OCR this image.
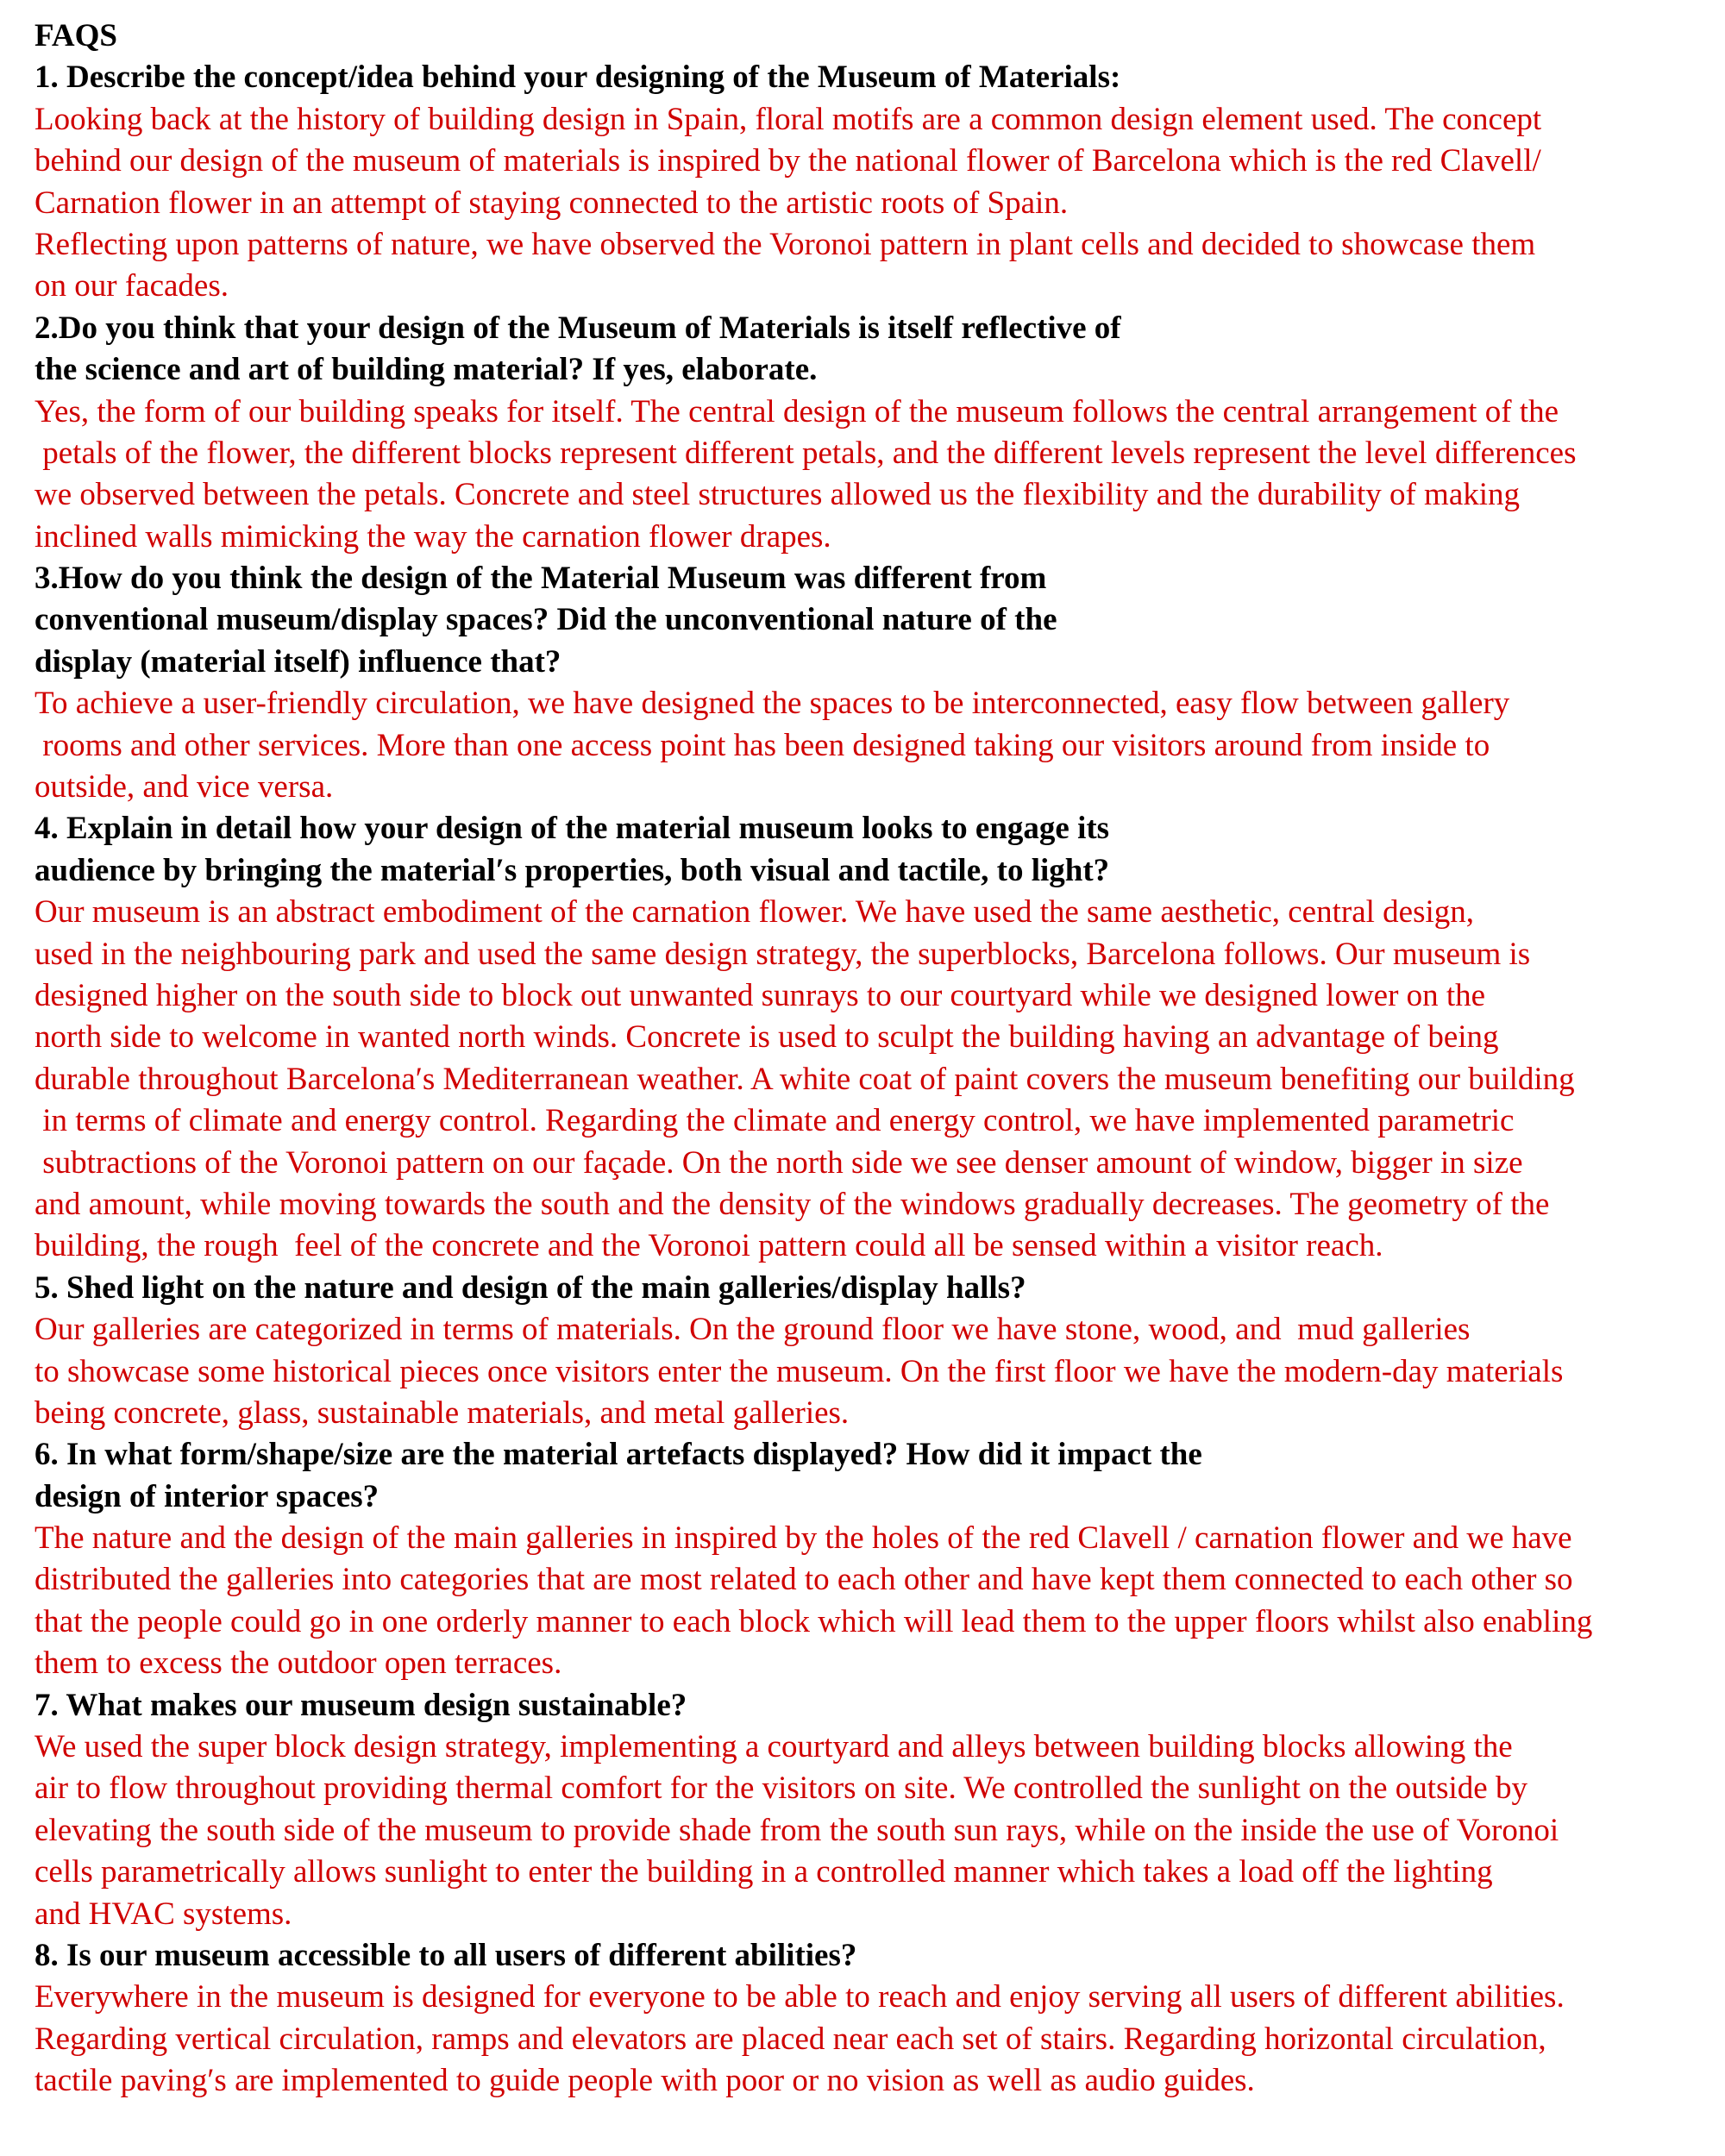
FAQS
1. Describe the concept/idea behind your designing of the Museum of Materials:
Looking back at the history of building design in Spain, floral motifs are a common design element used. The concept
behind our design of the museum of materials is inspired by the national flower of Barcelona which is the red Clavell/
Carnation flower in an attempt of staying connected to the artistic roots of Spain.
Reflecting upon patterns of nature, we have observed the Voronoi pattern in plant cells and decided to showcase them
on our facades.
2.Do you think that your design of the Museum of Materials is itself reflective of
the science and art of building material? If yes, elaborate.
Yes, the form of our building speaks for itself. The central design of the museum follows the central arrangement of the
petals of the flower, the different blocks represent different petals, and the different levels represent the level differences
we observed between the petals. Concrete and steel structures allowed us the flexibility and the durability of making
inclined walls mimicking the way the carnation flower drapes.
3.How do you think the design of the Material Museum was different from
conventional museum/display spaces? Did the unconventional nature of the
display (material itself) influence that?
To achieve a user-friendly circulation, we have designed the spaces to be interconnected, easy flow between gallery
rooms and other services. More than one access point has been designed taking our visitors around from inside to
outside, and vice versa.
4. Explain in detail how your design of the material museum looks to engage its
audience by bringing the material′s properties, both visual and tactile, to light?
Our museum is an abstract embodiment of the carnation flower. We have used the same aesthetic, central design,
used in the neighbouring park and used the same design strategy, the superblocks, Barcelona follows. Our museum is
designed higher on the south side to block out unwanted sunrays to our courtyard while we designed lower on the
north side to welcome in wanted north winds. Concrete is used to sculpt the building having an advantage of being
durable throughout Barcelona′s Mediterranean weather. A white coat of paint covers the museum benefiting our building
in terms of climate and energy control. Regarding the climate and energy control, we have implemented parametric
subtractions of the Voronoi pattern on our façade. On the north side we see denser amount of window, bigger in size
and amount, while moving towards the south and the density of the windows gradually decreases. The geometry of the
building, the rough  feel of the concrete and the Voronoi pattern could all be sensed within a visitor reach.
5. Shed light on the nature and design of the main galleries/display halls?
Our galleries are categorized in terms of materials. On the ground floor we have stone, wood, and  mud galleries
to showcase some historical pieces once visitors enter the museum. On the first floor we have the modern-day materials
being concrete, glass, sustainable materials, and metal galleries.
6. In what form/shape/size are the material artefacts displayed? How did it impact the
design of interior spaces?
The nature and the design of the main galleries in inspired by the holes of the red Clavell / carnation flower and we have
distributed the galleries into categories that are most related to each other and have kept them connected to each other so
that the people could go in one orderly manner to each block which will lead them to the upper floors whilst also enabling
them to excess the outdoor open terraces.
7. What makes our museum design sustainable?
We used the super block design strategy, implementing a courtyard and alleys between building blocks allowing the
air to flow throughout providing thermal comfort for the visitors on site. We controlled the sunlight on the outside by
elevating the south side of the museum to provide shade from the south sun rays, while on the inside the use of Voronoi
cells parametrically allows sunlight to enter the building in a controlled manner which takes a load off the lighting
and HVAC systems.
8. Is our museum accessible to all users of different abilities?
Everywhere in the museum is designed for everyone to be able to reach and enjoy serving all users of different abilities.
Regarding vertical circulation, ramps and elevators are placed near each set of stairs. Regarding horizontal circulation,
tactile paving′s are implemented to guide people with poor or no vision as well as audio guides.
